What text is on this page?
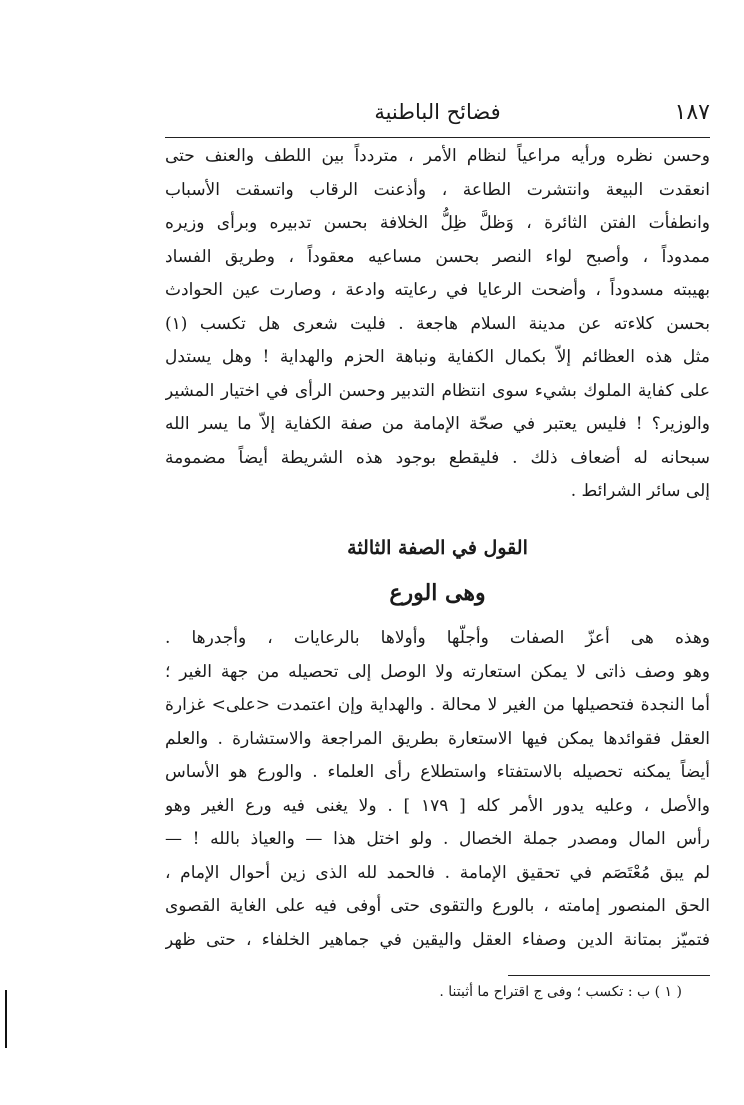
١٨٧
فضائح الباطنية
وحسن نظره ورأيه مراعياً لنظام الأمر ، متردداً بين اللطف والعنف حتى
انعقدت البيعة وانتشرت الطاعة ، وأذعنت الرقاب واتسقت الأسباب
وانطفأت الفتن الثائرة ، وَظلَّ ظِلُّ الخلافة بحسن تدبيره وبرأى وزيره
ممدوداً ، وأصبح لواء النصر بحسن مساعيه معقوداً ، وطريق الفساد
بهيبته مسدوداً ، وأضحت الرعايا في رعايته وادعة ، وصارت عين الحوادث
بحسن كلاءته عن مدينة السلام هاجعة . فليت شعرى هل تكسب (١)
مثل هذه العظائم إلاّ بكمال الكفاية ونباهة الحزم والهداية ! وهل يستدل
على كفاية الملوك بشيء سوى انتظام التدبير وحسن الرأى في اختيار المشير
والوزير؟ ! فليس يعتبر في صحّة الإمامة من صفة الكفاية إلاّ ما يسر الله
سبحانه له أضعاف ذلك . فليقطع بوجود هذه الشريطة أيضاً مضمومة
إلى سائر الشرائط .
القول في الصفة الثالثة
وهى الورع
وهذه هى أعزّ الصفات وأجلّها وأولاها بالرعايات ، وأجدرها .
وهو وصف ذاتى لا يمكن استعارته ولا الوصل إلى تحصيله من جهة الغير ؛
أما النجدة فتحصيلها من الغير لا محالة . والهداية وإن اعتمدت <على> غزارة
العقل فقوائدها يمكن فيها الاستعارة بطريق المراجعة والاستشارة . والعلم
أيضاً يمكنه تحصيله بالاستفتاء واستطلاع رأى العلماء . والورع هو الأساس
والأصل ، وعليه يدور الأمر كله [ ١٧٩ ] . ولا يغنى فيه ورع الغير وهو
رأس المال ومصدر جملة الخصال . ولو اختل هذا — والعياذ بالله ! —
لم يبق مُعْتَصَم في تحقيق الإمامة . فالحمد لله الذى زين أحوال الإمام ،
الحق المنصور إمامته ، بالورع والتقوى حتى أوفى فيه على الغاية القصوى
فتميّز بمتانة الدين وصفاء العقل واليقين في جماهير الخلفاء ، حتى ظهر
( ١ ) ب : تكسب ؛ وفى ج اقتراح ما أثبتنا .
